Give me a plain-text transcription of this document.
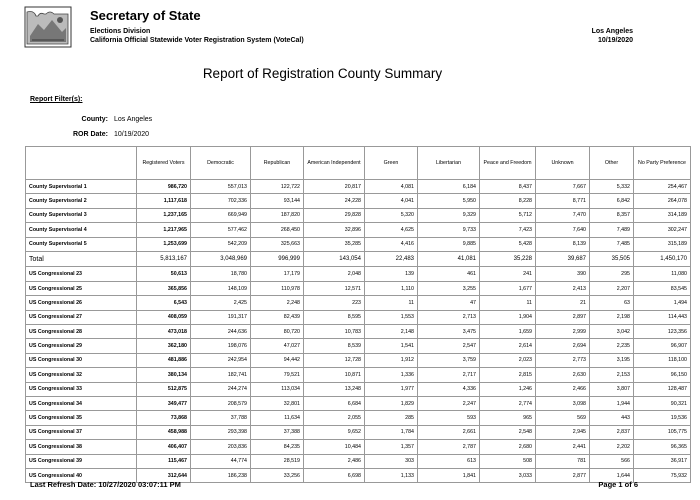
Secretary of State
Elections Division
California Official Statewide Voter Registration System (VoteCal)
Los Angeles
10/19/2020
Report of Registration County Summary
Report Filter(s):
County: Los Angeles
ROR Date: 10/19/2020
	Registered Voters	Democratic	Republican	American Independent	Green	Libertarian	Peace and Freedom	Unknown	Other	No Party Preference
County Supervisorial 1	986,720	557,013	122,722	20,817	4,081	6,184	8,437	7,667	5,332	254,467
County Supervisorial 2	1,117,618	702,336	93,144	24,228	4,041	5,950	8,228	8,771	6,842	264,078
County Supervisorial 3	1,237,165	669,949	187,820	29,828	5,320	9,329	5,712	7,470	8,357	314,189
County Supervisorial 4	1,217,965	577,462	268,450	32,896	4,625	9,733	7,423	7,640	7,489	302,247
County Supervisorial 5	1,253,699	542,209	325,663	35,285	4,416	9,885	5,428	8,139	7,485	315,189
Total	5,813,167	3,048,969	996,999	143,054	22,483	41,081	35,228	39,687	35,505	1,450,170
US Congressional 23	50,613	18,780	17,179	2,048	139	461	241	390	295	11,080
US Congressional 25	365,856	148,109	110,978	12,571	1,110	3,255	1,677	2,413	2,207	83,545
US Congressional 26	6,543	2,425	2,248	223	11	47	11	21	63	1,494
US Congressional 27	408,059	191,317	82,439	8,595	1,553	2,713	1,904	2,897	2,198	114,443
US Congressional 28	473,018	244,636	80,720	10,783	2,148	3,475	1,659	2,999	3,042	123,356
US Congressional 29	362,180	198,076	47,027	8,539	1,541	2,547	2,614	2,694	2,235	96,907
US Congressional 30	481,886	242,954	94,442	12,728	1,912	3,759	2,023	2,773	3,195	118,100
US Congressional 32	380,134	182,741	79,521	10,871	1,336	2,717	2,815	2,630	2,153	96,150
US Congressional 33	512,875	244,274	113,034	13,248	1,977	4,336	1,246	2,466	3,807	128,487
US Congressional 34	349,477	208,579	32,801	6,684	1,829	2,247	2,774	3,098	1,944	90,321
US Congressional 35	73,868	37,788	11,634	2,055	285	593	965	569	443	19,536
US Congressional 37	458,988	293,398	37,388	9,652	1,784	2,661	2,548	2,945	2,837	105,775
US Congressional 38	406,407	203,836	84,235	10,484	1,357	2,787	2,680	2,441	2,202	96,365
US Congressional 39	115,467	44,774	28,519	2,486	303	613	508	781	566	36,917
US Congressional 40	312,644	186,238	33,256	6,698	1,133	1,841	3,033	2,877	1,644	75,932
Last Refresh Date: 10/27/2020 03:07:11 PM	Page 1 of 6
